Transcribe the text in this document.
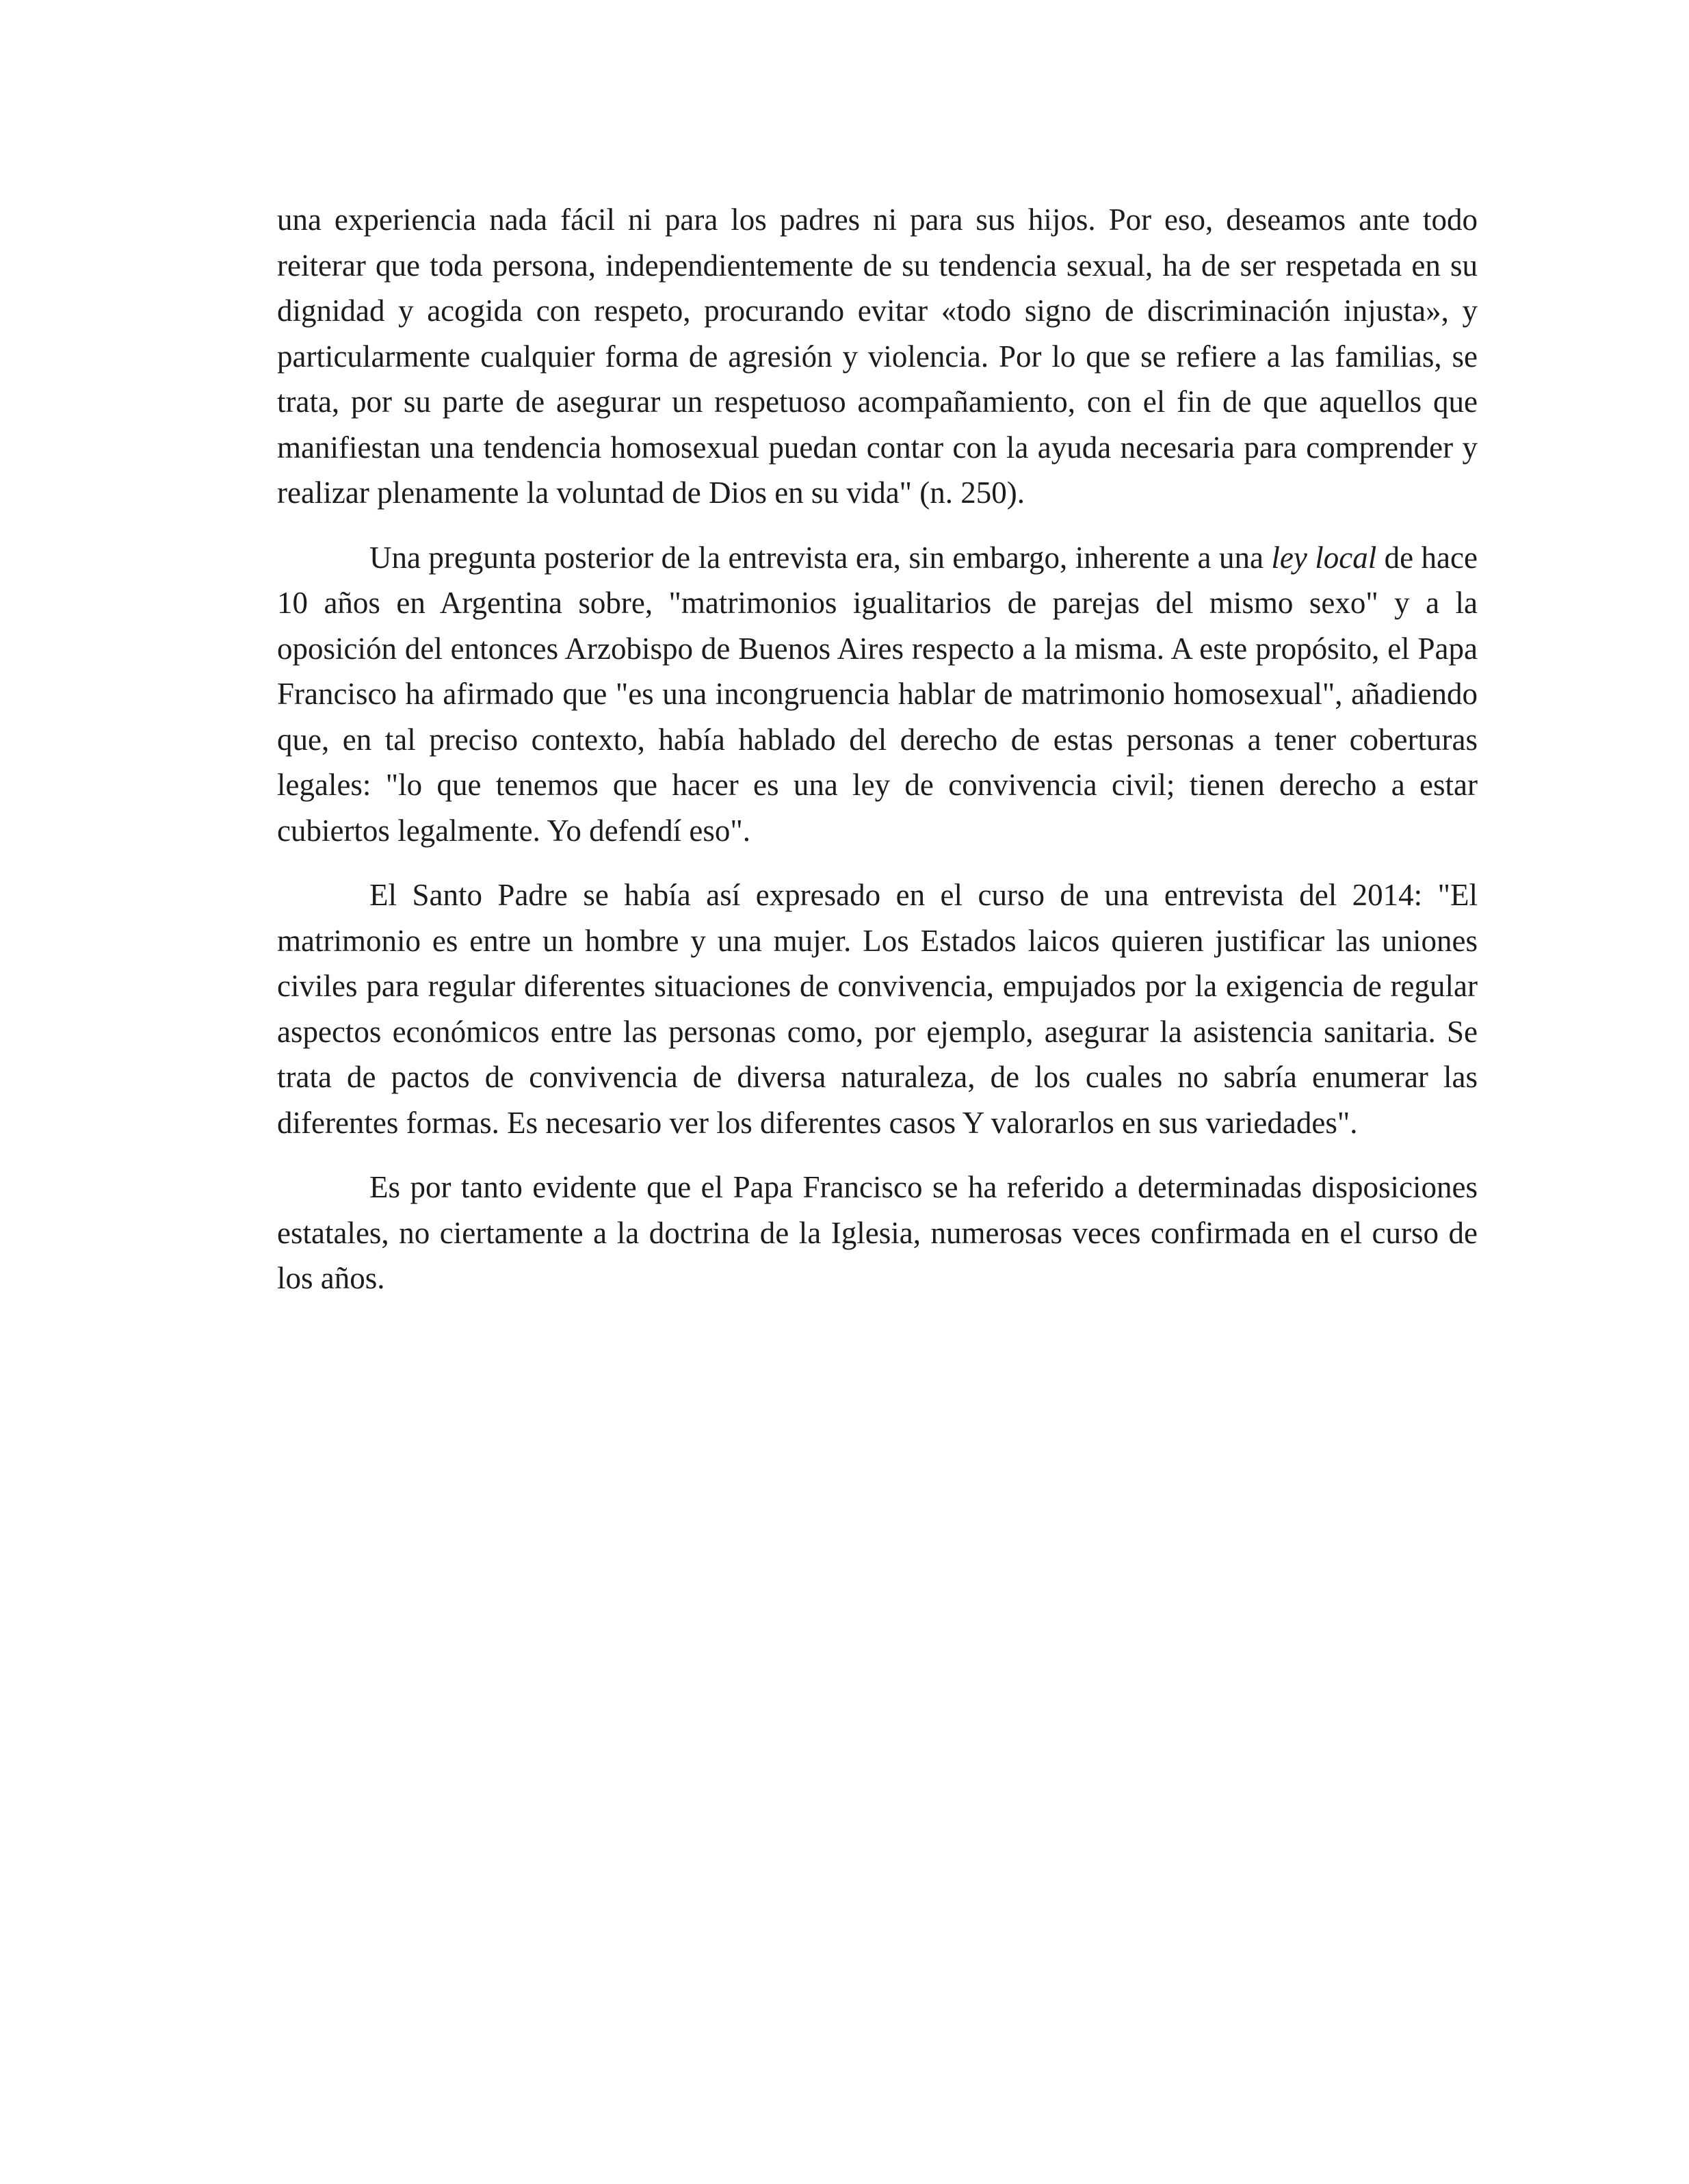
una experiencia nada fácil ni para los padres ni para sus hijos. Por eso, deseamos ante todo reiterar que toda persona, independientemente de su tendencia sexual, ha de ser respetada en su dignidad y acogida con respeto, procurando evitar «todo signo de discriminación injusta», y particularmente cualquier forma de agresión y violencia. Por lo que se refiere a las familias, se trata, por su parte de asegurar un respetuoso acompañamiento, con el fin de que aquellos que manifiestan una tendencia homosexual puedan contar con la ayuda necesaria para comprender y realizar plenamente la voluntad de Dios en su vida" (n. 250).

Una pregunta posterior de la entrevista era, sin embargo, inherente a una ley local de hace 10 años en Argentina sobre, "matrimonios igualitarios de parejas del mismo sexo" y a la oposición del entonces Arzobispo de Buenos Aires respecto a la misma. A este propósito, el Papa Francisco ha afirmado que "es una incongruencia hablar de matrimonio homosexual", añadiendo que, en tal preciso contexto, había hablado del derecho de estas personas a tener coberturas legales: "lo que tenemos que hacer es una ley de convivencia civil; tienen derecho a estar cubiertos legalmente. Yo defendí eso".

El Santo Padre se había así expresado en el curso de una entrevista del 2014: "El matrimonio es entre un hombre y una mujer. Los Estados laicos quieren justificar las uniones civiles para regular diferentes situaciones de convivencia, empujados por la exigencia de regular aspectos económicos entre las personas como, por ejemplo, asegurar la asistencia sanitaria. Se trata de pactos de convivencia de diversa naturaleza, de los cuales no sabría enumerar las diferentes formas. Es necesario ver los diferentes casos Y valorarlos en sus variedades".

Es por tanto evidente que el Papa Francisco se ha referido a determinadas disposiciones estatales, no ciertamente a la doctrina de la Iglesia, numerosas veces confirmada en el curso de los años.
